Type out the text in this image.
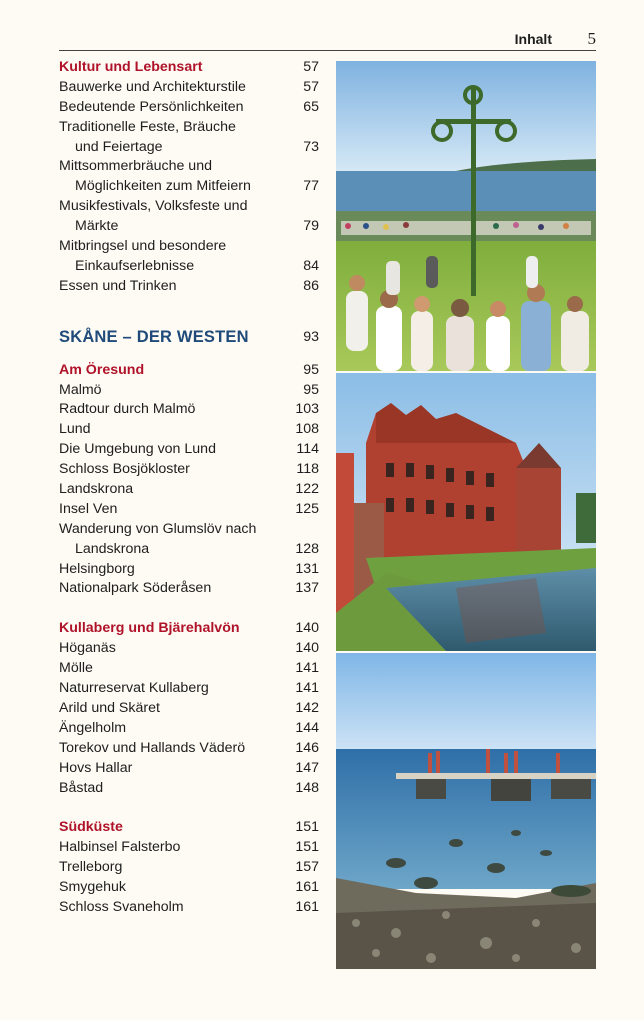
Inhalt 5
Kultur und Lebensart	57
Bauwerke und Architekturstile	57
Bedeutende Persönlichkeiten	65
Traditionelle Feste, Bräuche
und Feiertage	73
Mittsommerbräuche und
Möglichkeiten zum Mitfeiern	77
Musikfestivals, Volksfeste und
Märkte	79
Mitbringsel und besondere
Einkaufserlebnisse	84
Essen und Trinken	86
SKÅNE – DER WESTEN	93
Am Öresund	95
Malmö	95
Radtour durch Malmö	103
Lund	108
Die Umgebung von Lund	114
Schloss Bosjökloster	118
Landskrona	122
Insel Ven	125
Wanderung von Glumslöv nach
Landskrona	128
Helsingborg	131
Nationalpark Söderåsen	137
Kullaberg und Bjärehalvön	140
Höganäs	140
Mölle	141
Naturreservat Kullaberg	141
Arild und Skäret	142
Ängelholm	144
Torekov und Hallands Väderö	146
Hovs Hallar	147
Båstad	148
Südküste	151
Halbinsel Falsterbo	151
Trelleborg	157
Smygehuk	161
Schloss Svaneholm	161
